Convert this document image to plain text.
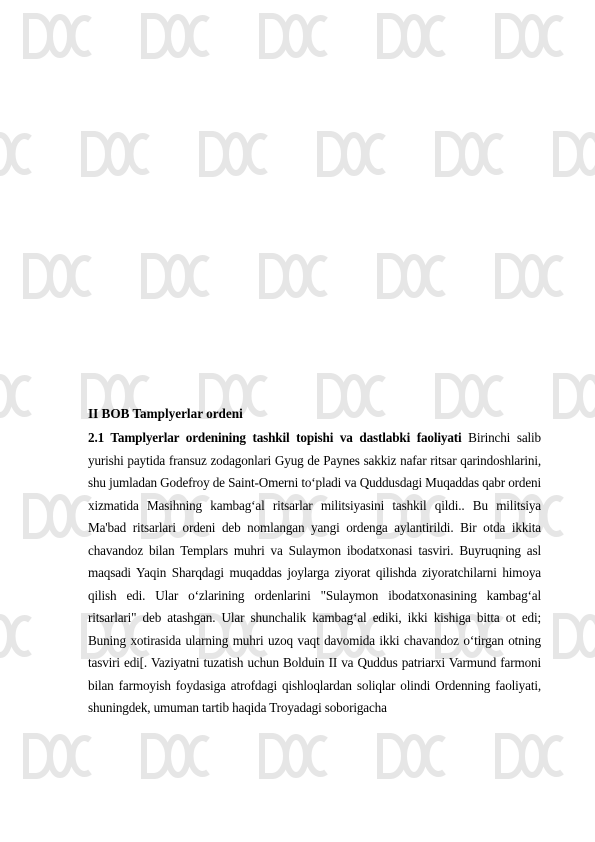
II BOB Tamplyerlar ordeni

2.1 Tamplyerlar ordenining tashkil topishi va dastlabki faoliyati Birinchi salib yurishi paytida fransuz zodagonlari Gyug de Paynes sakkiz nafar ritsar qarindoshlarini, shu jumladan Godefroy de Saint-Omerni to‘pladi va Quddusdagi Muqaddas qabr ordeni xizmatida Masihning kambag‘al ritsarlar militsiyasini tashkil qildi.. Bu militsiya Ma'bad ritsarlari ordeni deb nomlangan yangi ordenga aylantirildi. Bir otda ikkita chavandoz bilan Templars muhri va Sulaymon ibodatxonasi tasviri. Buyruqning asl maqsadi Yaqin Sharqdagi muqaddas joylarga ziyorat qilishda ziyoratchilarni himoya qilish edi. Ular o‘zlarining ordenlarini "Sulaymon ibodatxonasining kambag‘al ritsarlari" deb atashgan. Ular shunchalik kambag‘al ediki, ikki kishiga bitta ot edi; Buning xotirasida ularning muhri uzoq vaqt davomida ikki chavandoz o‘tirgan otning tasviri edi[. Vaziyatni tuzatish uchun Bolduin II va Quddus patriarxi Varmund farmoni bilan farmoyish foydasiga atrofdagi qishloqlardan soliqlar olindi Ordenning faoliyati, shuningdek, umuman tartib haqida Troyadagi soborigacha
